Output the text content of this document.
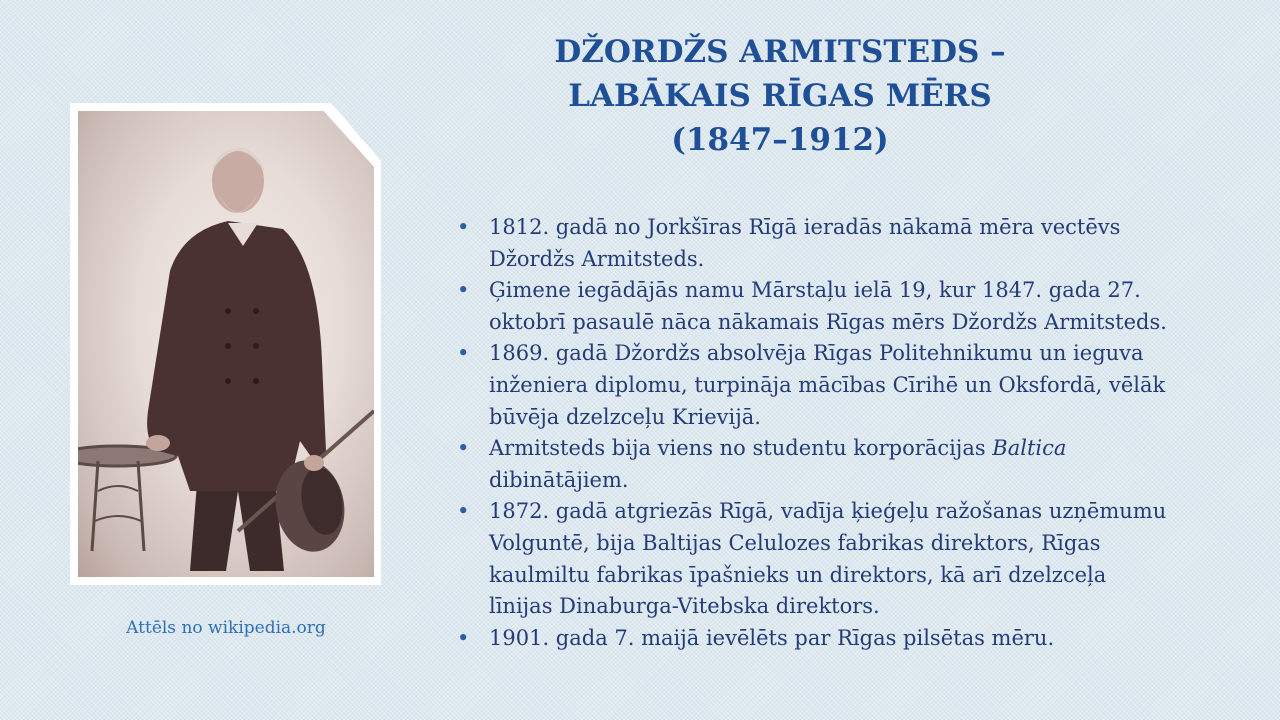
Attēls no wikipedia.org
DŽORDŽS ARMITSTEDS –
LABĀKAIS RĪGAS MĒRS
(1847–1912)
• 1812. gadā no Jorkšīras Rīgā ieradās nākamā mēra vectēvs
Džordžs Armitsteds.
• Ģimene iegādājās namu Mārstaļu ielā 19, kur 1847. gada 27.
oktobrī pasaulē nāca nākamais Rīgas mērs Džordžs Armitsteds.
• 1869. gadā Džordžs absolvēja Rīgas Politehnikumu un ieguva
inženiera diplomu, turpināja mācības Cīrihē un Oksfordā, vēlāk
būvēja dzelzceļu Krievijā.
• Armitsteds bija viens no studentu korporācijas Baltica
dibinātājiem.
• 1872. gadā atgriezās Rīgā, vadīja ķieģeļu ražošanas uzņēmumu
Volguntē, bija Baltijas Celulozes fabrikas direktors, Rīgas
kaulmiltu fabrikas īpašnieks un direktors, kā arī dzelzceļa
līnijas Dinaburga-Vitebska direktors.
• 1901. gada 7. maijā ievēlēts par Rīgas pilsētas mēru.
